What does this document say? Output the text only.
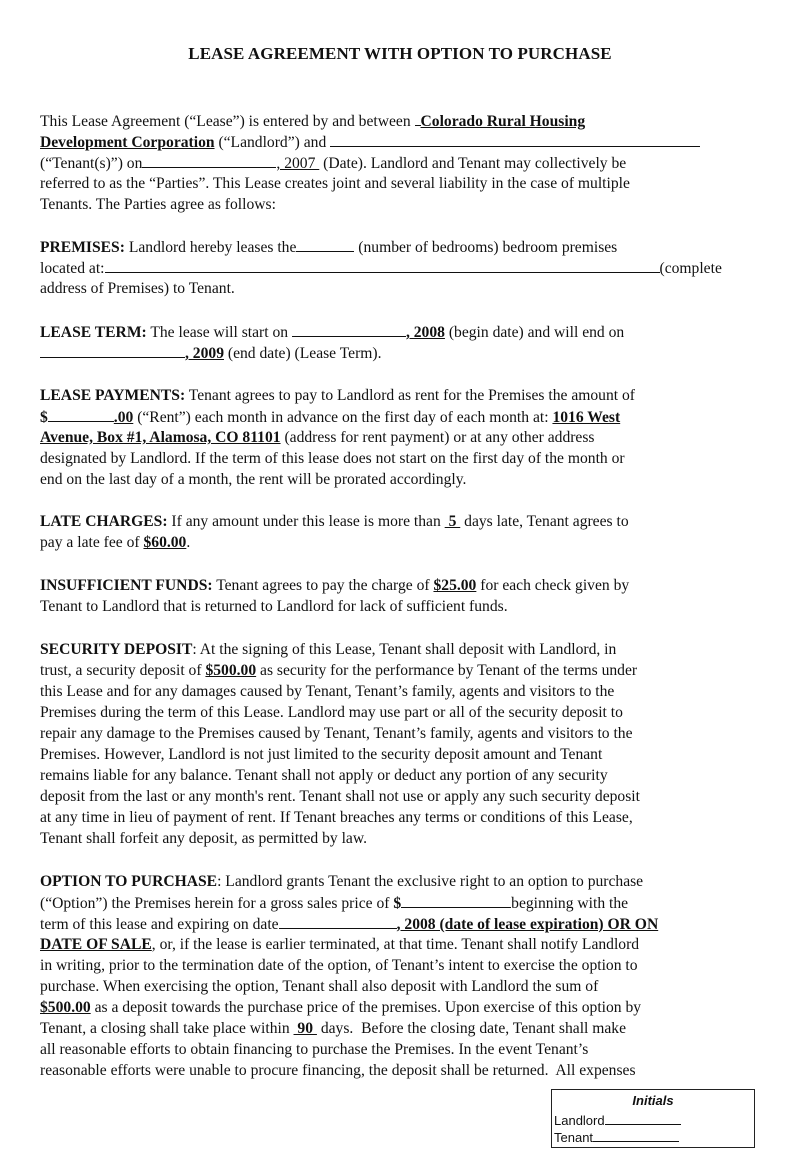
LEASE AGREEMENT WITH OPTION TO PURCHASE
This Lease Agreement (“Lease”) is entered by and between Colorado Rural Housing
Development Corporation (“Landlord”) and
(“Tenant(s)”) on	, 2007  (Date). Landlord and Tenant may collectively be
referred to as the “Parties”. This Lease creates joint and several liability in the case of multiple
Tenants. The Parties agree as follows:
PREMISES: Landlord hereby leases the	(number of bedrooms) bedroom premises
located at:	(complete
address of Premises) to Tenant.
LEASE TERM: The lease will start on	, 2008 (begin date) and will end on
, 2009 (end date) (Lease Term).
LEASE PAYMENTS: Tenant agrees to pay to Landlord as rent for the Premises the amount of
$	.00 (“Rent”) each month in advance on the first day of each month at: 1016 West
Avenue, Box #1, Alamosa, CO 81101 (address for rent payment) or at any other address
designated by Landlord. If the term of this lease does not start on the first day of the month or
end on the last day of a month, the rent will be prorated accordingly.
LATE CHARGES: If any amount under this lease is more than  5  days late, Tenant agrees to
pay a late fee of $60.00.
INSUFFICIENT FUNDS: Tenant agrees to pay the charge of $25.00 for each check given by
Tenant to Landlord that is returned to Landlord for lack of sufficient funds.
SECURITY DEPOSIT: At the signing of this Lease, Tenant shall deposit with Landlord, in
trust, a security deposit of $500.00 as security for the performance by Tenant of the terms under
this Lease and for any damages caused by Tenant, Tenant’s family, agents and visitors to the
Premises during the term of this Lease. Landlord may use part or all of the security deposit to
repair any damage to the Premises caused by Tenant, Tenant’s family, agents and visitors to the
Premises. However, Landlord is not just limited to the security deposit amount and Tenant
remains liable for any balance. Tenant shall not apply or deduct any portion of any security
deposit from the last or any month's rent. Tenant shall not use or apply any such security deposit
at any time in lieu of payment of rent. If Tenant breaches any terms or conditions of this Lease,
Tenant shall forfeit any deposit, as permitted by law.
OPTION TO PURCHASE: Landlord grants Tenant the exclusive right to an option to purchase
(“Option”) the Premises herein for a gross sales price of $	beginning with the
term of this lease and expiring on date	, 2008 (date of lease expiration) OR ON
DATE OF SALE, or, if the lease is earlier terminated, at that time. Tenant shall notify Landlord
in writing, prior to the termination date of the option, of Tenant’s intent to exercise the option to
purchase. When exercising the option, Tenant shall also deposit with Landlord the sum of
$500.00 as a deposit towards the purchase price of the premises. Upon exercise of this option by
Tenant, a closing shall take place within  90  days.  Before the closing date, Tenant shall make
all reasonable efforts to obtain financing to purchase the Premises. In the event Tenant’s
reasonable efforts were unable to procure financing, the deposit shall be returned.  All expenses
Initials
Landlord
Tenant
